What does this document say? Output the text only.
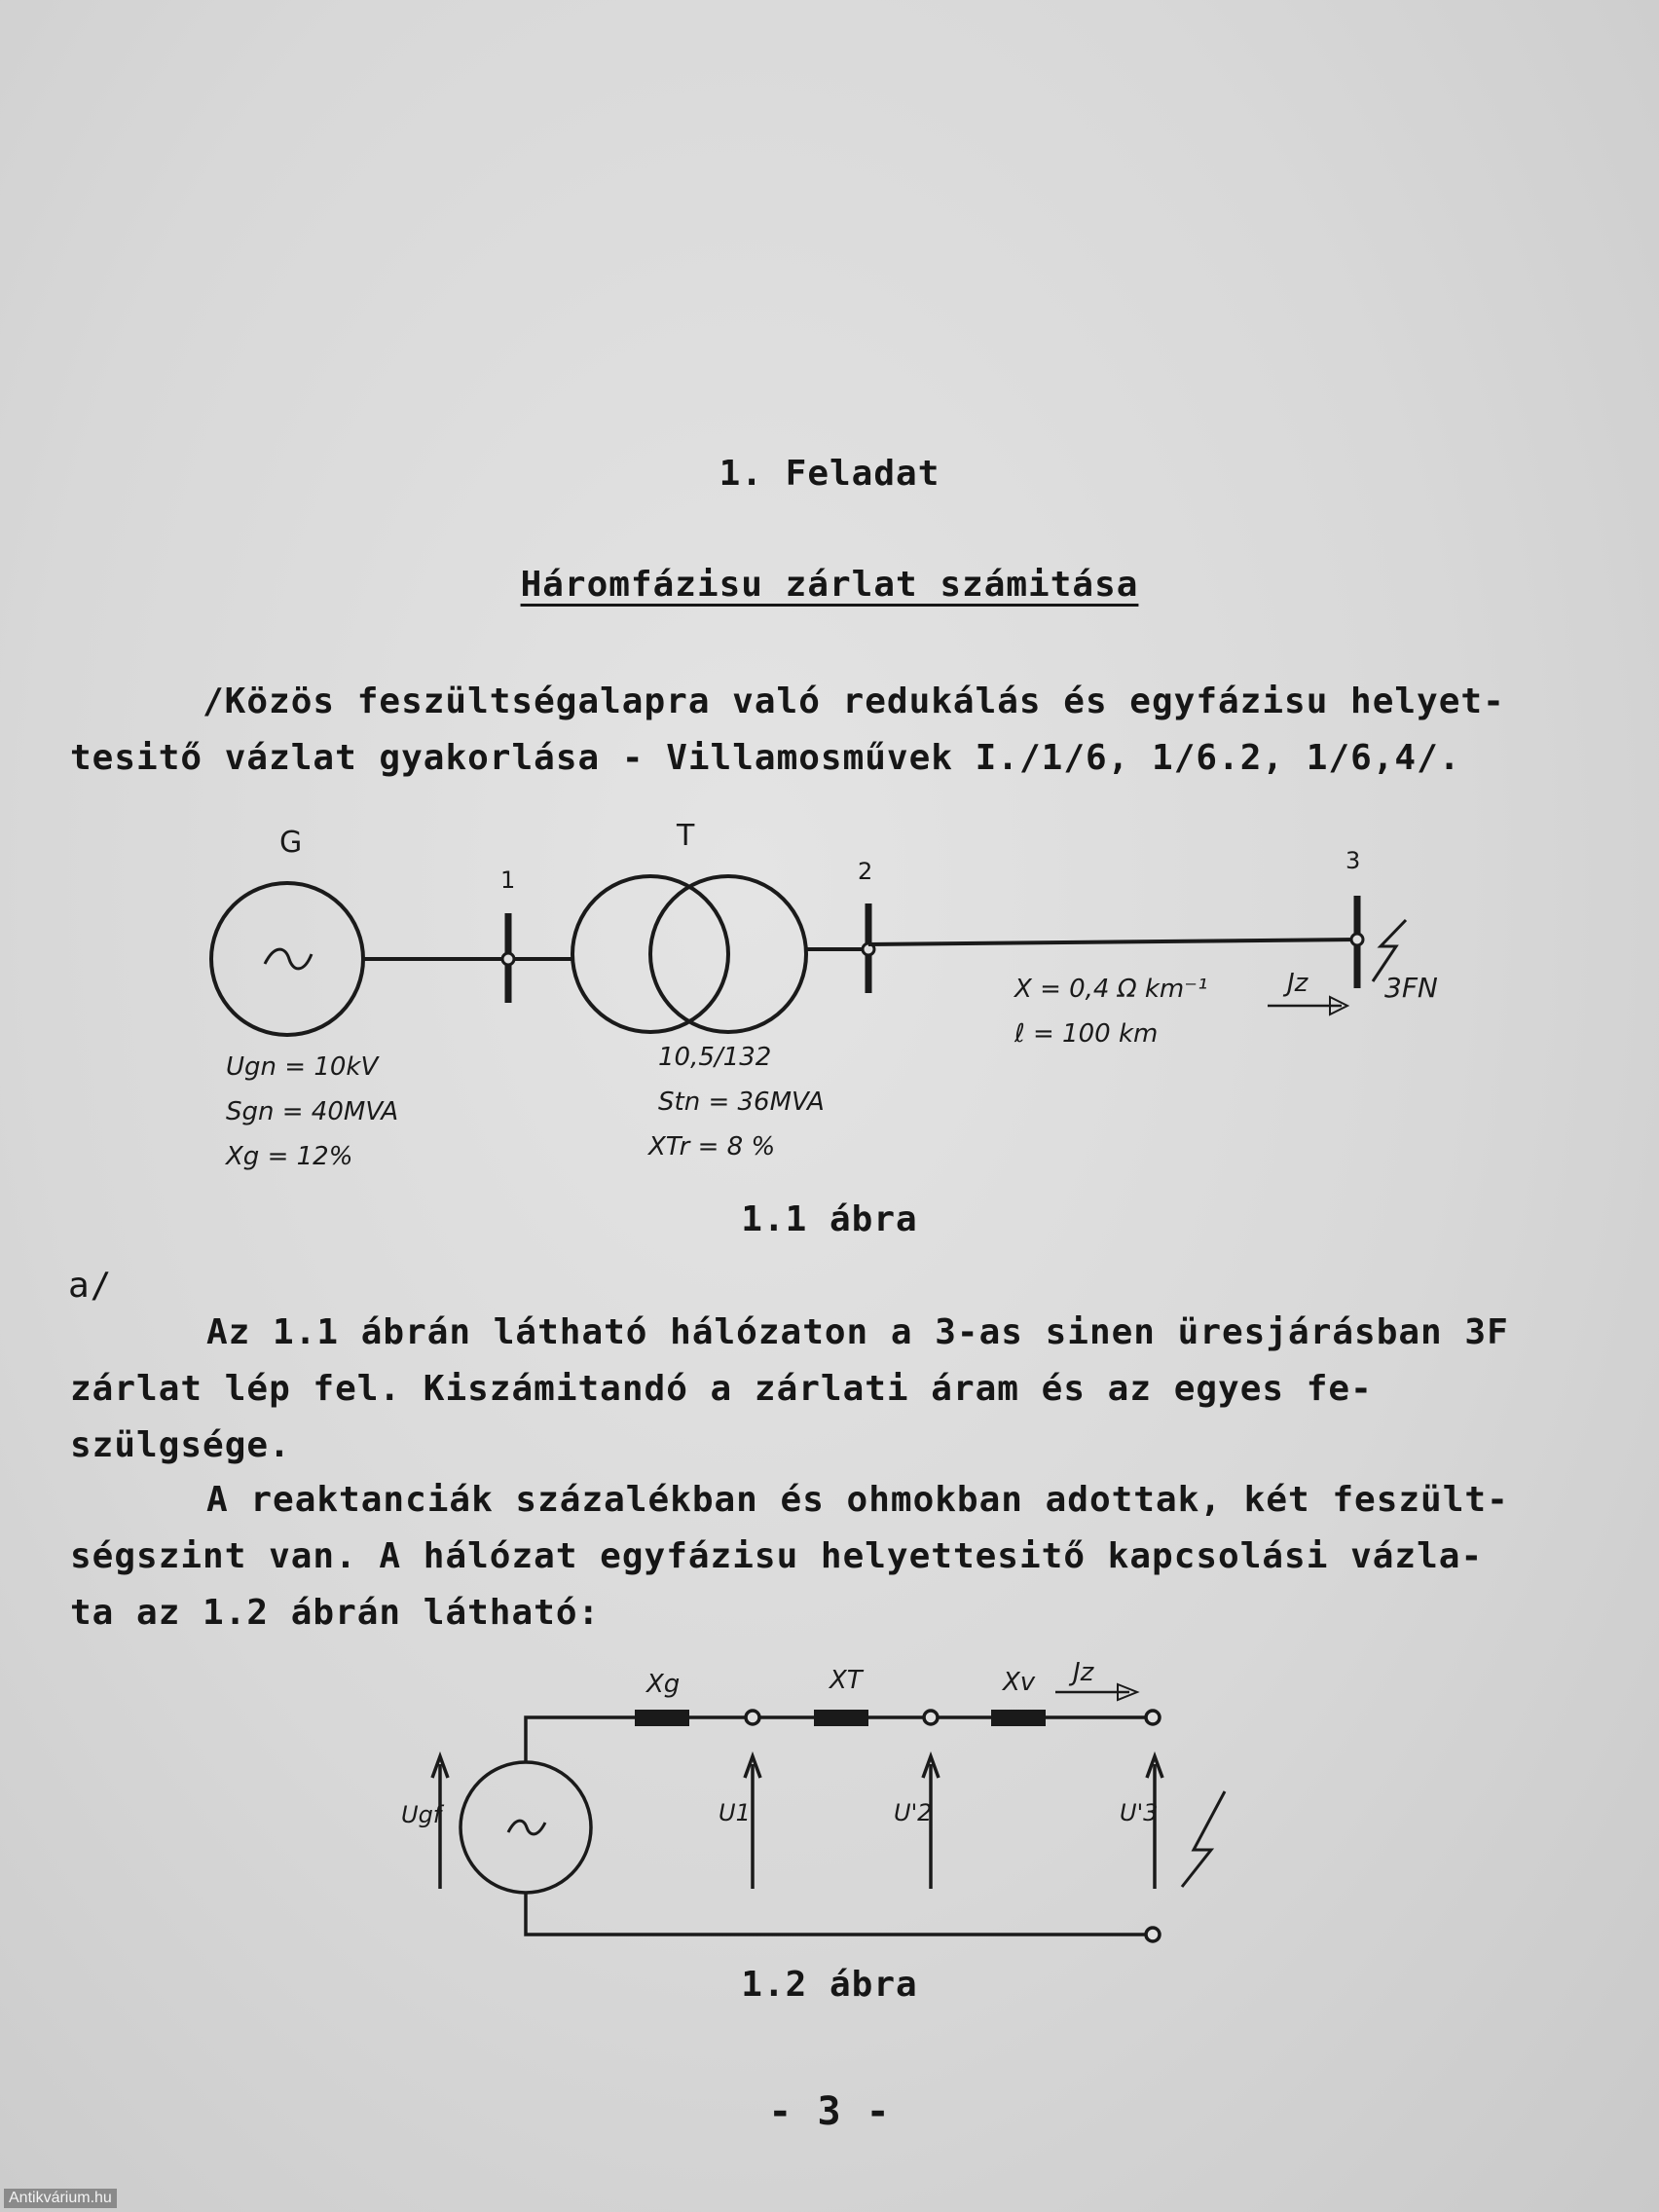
1. Feladat
Háromfázisu zárlat számitása
/Közös feszültségalapra való redukálás és egyfázisu helyet-
tesitő vázlat gyakorlása - Villamosművek I./1/6, 1/6.2, 1/6,4/.
G	T
1	2	3
Ugn = 10kV
Sgn = 40MVA
Xg = 12%
10,5/132
Stn = 36MVA
XTr = 8 %
X = 0,4 Ω km⁻¹
ℓ = 100 km
Jz	3FN
1.1 ábra
a/
Az 1.1 ábrán látható hálózaton a 3-as sinen üresjárásban 3F
zárlat lép fel. Kiszámitandó a zárlati áram és az egyes fe-
szülgsége.
A reaktanciák százalékban és ohmokban adottak, két feszült-
ségszint van. A hálózat egyfázisu helyettesitő kapcsolási vázla-
ta az 1.2 ábrán látható:
Xg	XT	Xv Jz
Ugf	U1	U'2	U'3
1.2 ábra
- 3 -
Antikvárium.hu
